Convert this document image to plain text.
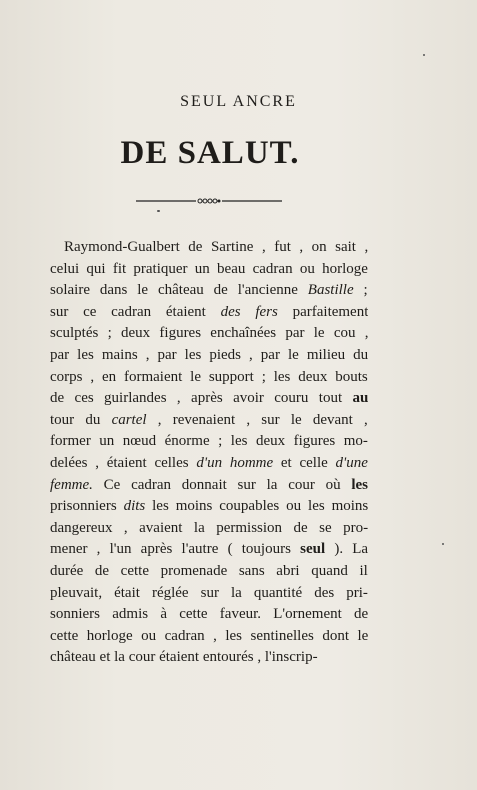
SEUL ANCRE
DE SALUT.
Raymond-Gualbert de Sartine , fut , on sait ,
celui qui fit pratiquer un beau cadran ou horloge
solaire dans le château de l'ancienne Bastille ;
sur ce cadran étaient des fers parfaitement
sculptés ; deux figures enchaînées par le cou ,
par les mains , par les pieds , par le milieu du
corps , en formaient le support ; les deux bouts
de ces guirlandes , après avoir couru tout au
tour du cartel , revenaient , sur le devant ,
former un nœud énorme ; les deux figures mo-
delées , étaient celles d'un homme et celle d'une
femme. Ce cadran donnait sur la cour où les
prisonniers dits les moins coupables ou les moins
dangereux , avaient la permission de se pro-
mener , l'un après l'autre ( toujours seul ). La
durée de cette promenade sans abri quand il
pleuvait, était réglée sur la quantité des pri-
sonniers admis à cette faveur. L'ornement de
cette horloge ou cadran , les sentinelles dont le
château et la cour étaient entourés , l'inscrip-
